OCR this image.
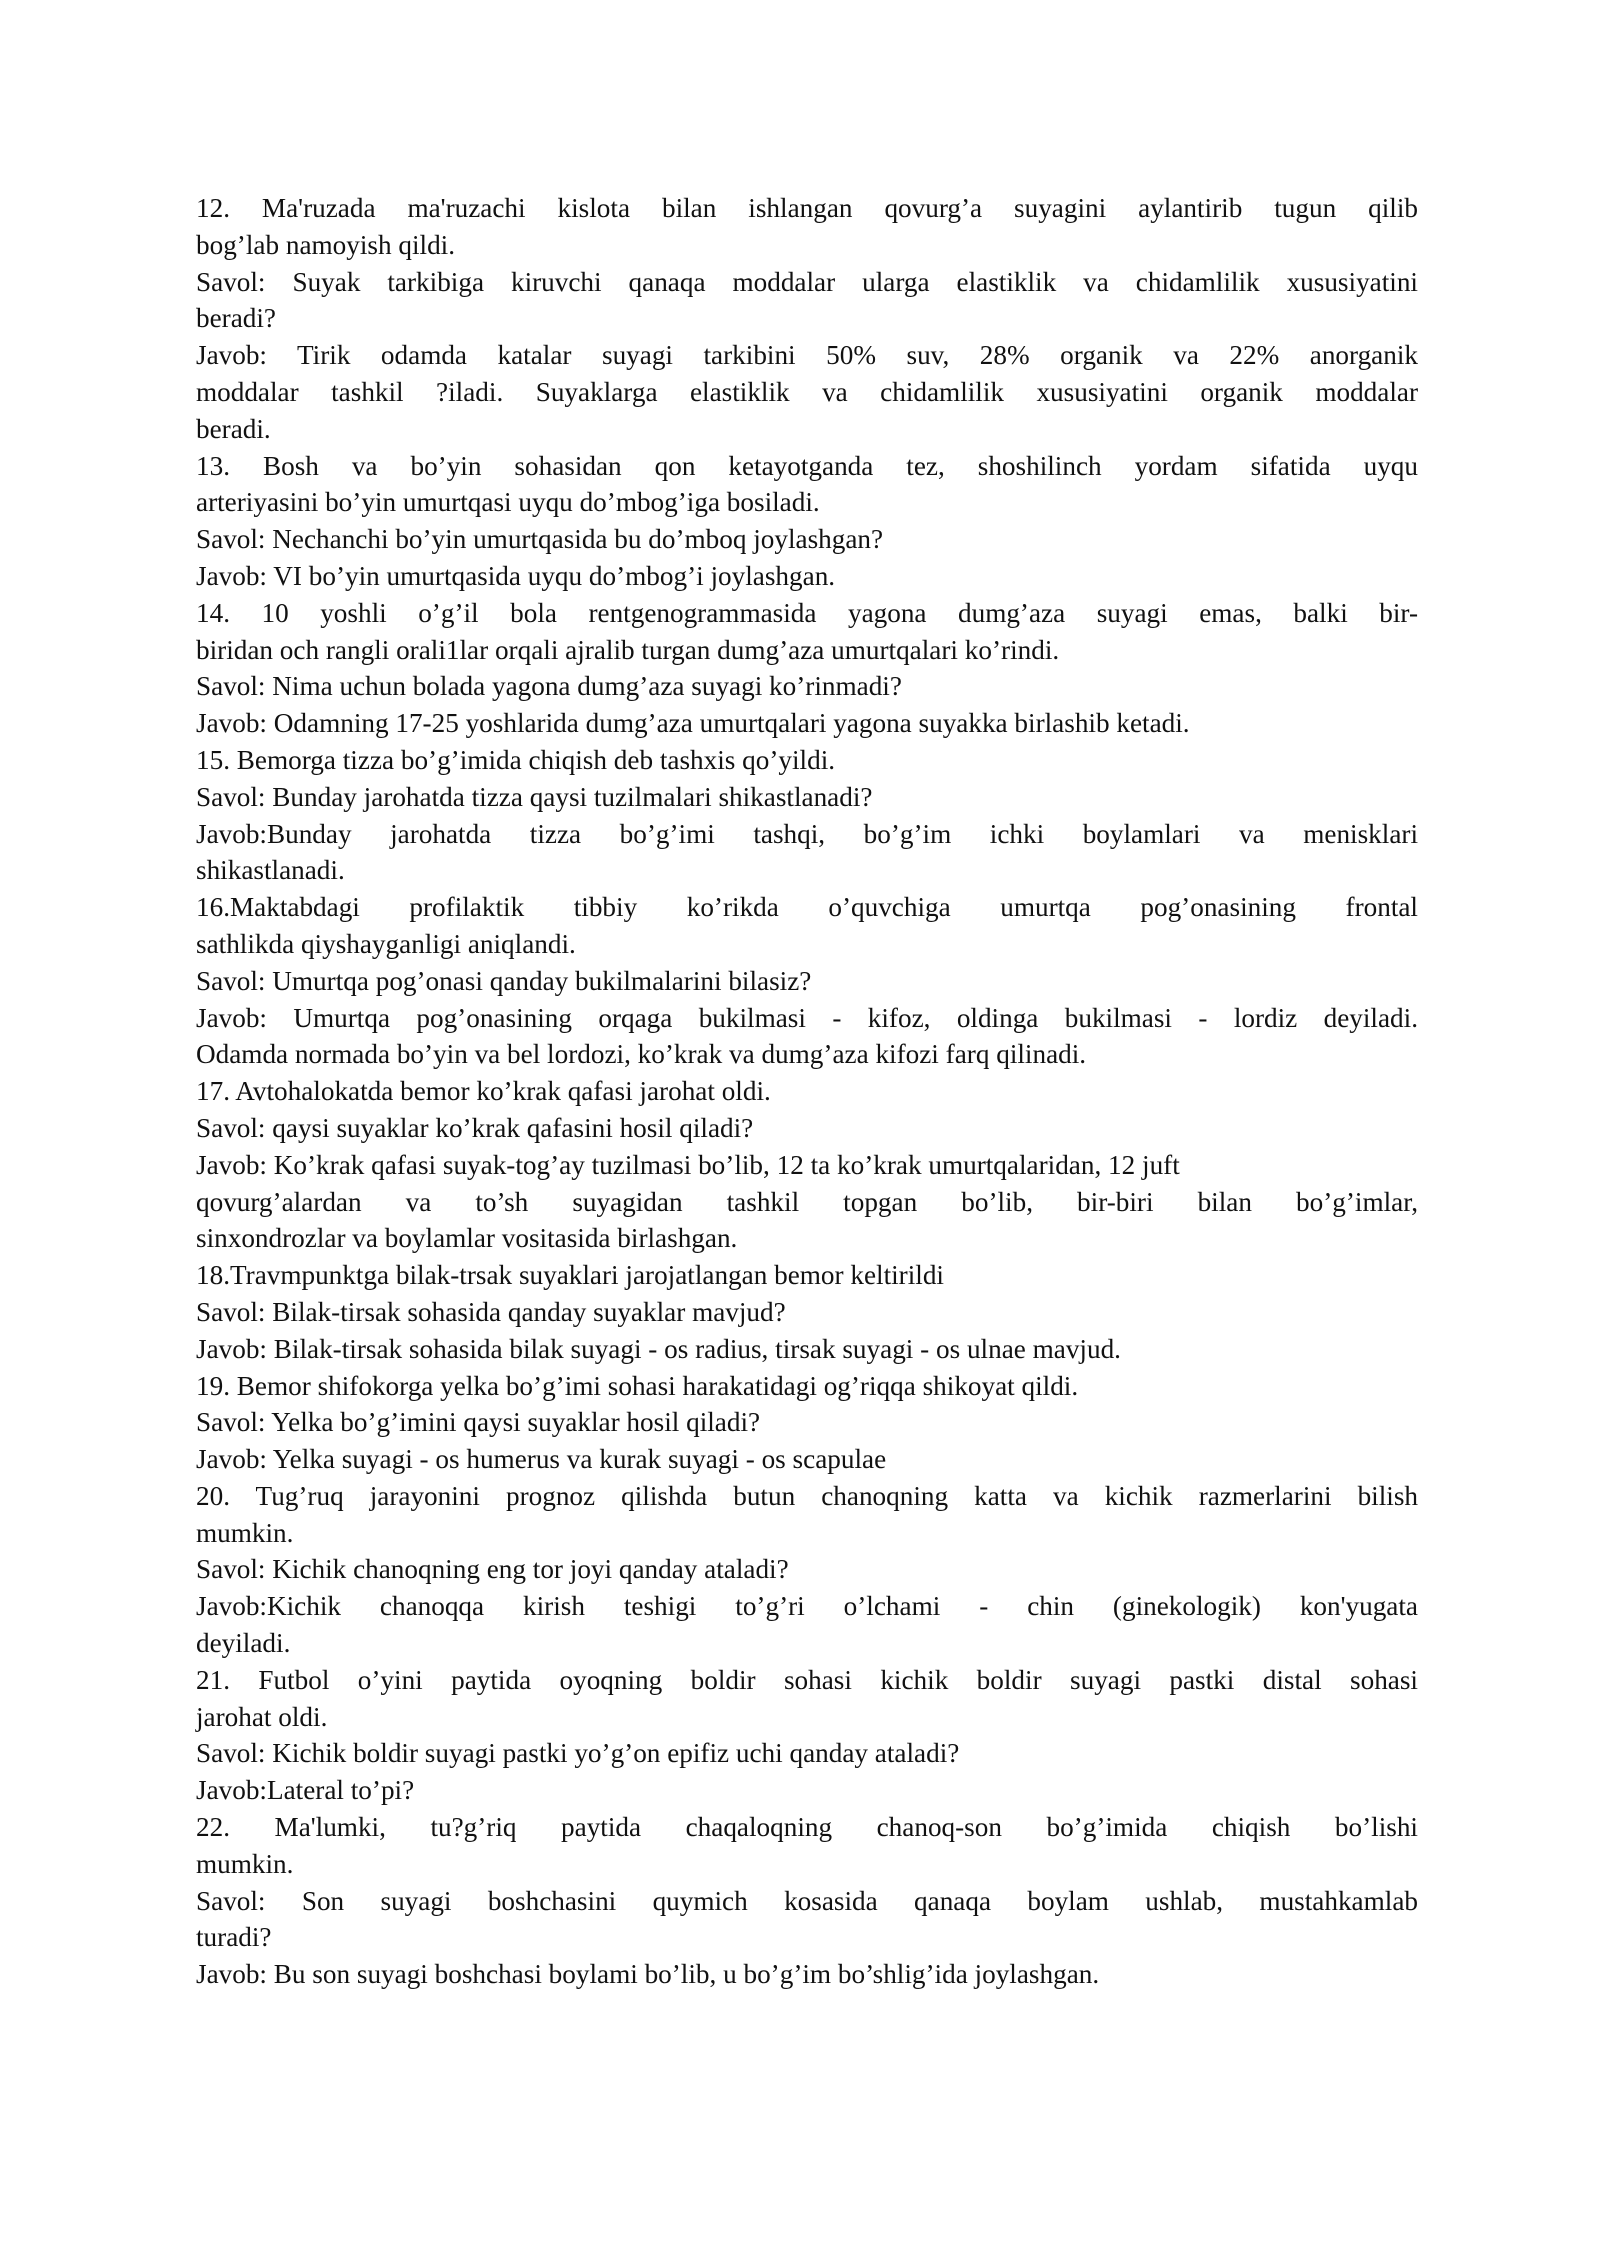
12. Ma'ruzada ma'ruzachi kislota bilan ishlangan qovurg’a suyagini aylantirib tugun qilib
bog’lab namoyish qildi.
Savol: Suyak tarkibiga kiruvchi qanaqa moddalar ularga elastiklik va chidamlilik xususiyatini
beradi?
Javob: Tirik odamda katalar suyagi tarkibini 50% suv, 28% organik va 22% anorganik
moddalar tashkil ?iladi. Suyaklarga elastiklik va chidamlilik xususiyatini organik moddalar
beradi.
13. Bosh va bo’yin sohasidan qon ketayotganda tez, shoshilinch yordam sifatida uyqu
arteriyasini bo’yin umurtqasi uyqu do’mbog’iga bosiladi.
Savol: Nechanchi bo’yin umurtqasida bu do’mboq joylashgan?
Javob: VI bo’yin umurtqasida uyqu do’mbog’i joylashgan.
14. 10 yoshli o’g’il bola rentgenogrammasida yagona dumg’aza suyagi emas, balki bir-
biridan och rangli orali1lar orqali ajralib turgan dumg’aza umurtqalari ko’rindi.
Savol: Nima uchun bolada yagona dumg’aza suyagi ko’rinmadi?
Javob: Odamning 17-25 yoshlarida dumg’aza umurtqalari yagona suyakka birlashib ketadi.
15. Bemorga tizza bo’g’imida chiqish deb tashxis qo’yildi.
Savol: Bunday jarohatda tizza qaysi tuzilmalari shikastlanadi?
Javob:Bunday jarohatda tizza bo’g’imi tashqi, bo’g’im ichki boylamlari va menisklari
shikastlanadi.
16.Maktabdagi profilaktik tibbiy ko’rikda o’quvchiga umurtqa pog’onasining frontal
sathlikda qiyshayganligi aniqlandi.
Savol: Umurtqa pog’onasi qanday bukilmalarini bilasiz?
Javob: Umurtqa pog’onasining orqaga bukilmasi - kifoz, oldinga bukilmasi - lordiz deyiladi.
Odamda normada bo’yin va bel lordozi, ko’krak va dumg’aza kifozi farq qilinadi.
17. Avtohalokatda bemor ko’krak qafasi jarohat oldi.
Savol: qaysi suyaklar ko’krak qafasini hosil qiladi?
Javob: Ko’krak qafasi suyak-tog’ay tuzilmasi bo’lib, 12 ta ko’krak umurtqalaridan, 12 juft
qovurg’alardan va to’sh suyagidan tashkil topgan bo’lib, bir-biri bilan bo’g’imlar,
sinxondrozlar va boylamlar vositasida birlashgan.
18.Travmpunktga bilak-trsak suyaklari jarojatlangan bemor keltirildi
Savol: Bilak-tirsak sohasida qanday suyaklar mavjud?
Javob: Bilak-tirsak sohasida bilak suyagi - os radius, tirsak suyagi - os ulnae mavjud.
19. Bemor shifokorga yelka bo’g’imi sohasi harakatidagi og’riqqa shikoyat qildi.
Savol: Yelka bo’g’imini qaysi suyaklar hosil qiladi?
Javob: Yelka suyagi - os humerus va kurak suyagi - os scapulae
20. Tug’ruq jarayonini prognoz qilishda butun chanoqning katta va kichik razmerlarini bilish
mumkin.
Savol: Kichik chanoqning eng tor joyi qanday ataladi?
Javob:Kichik chanoqqa kirish teshigi to’g’ri o’lchami - chin (ginekologik) kon'yugata
deyiladi.
21. Futbol o’yini paytida oyoqning boldir sohasi kichik boldir suyagi pastki distal sohasi
jarohat oldi.
Savol: Kichik boldir suyagi pastki yo’g’on epifiz uchi qanday ataladi?
Javob:Lateral to’pi?
22. Ma'lumki, tu?g’riq paytida chaqaloqning chanoq-son bo’g’imida chiqish bo’lishi
mumkin.
Savol: Son suyagi boshchasini quymich kosasida qanaqa boylam ushlab, mustahkamlab
turadi?
Javob: Bu son suyagi boshchasi boylami bo’lib, u bo’g’im bo’shlig’ida joylashgan.
